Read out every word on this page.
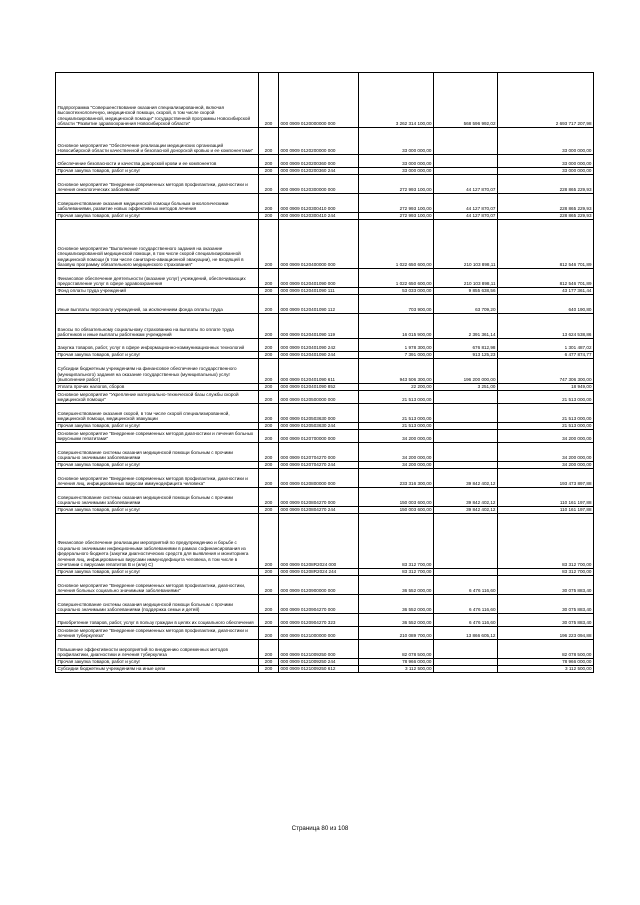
Подпрограмма "Совершенствование оказания специализированной, включая высокотехнологичную, медицинской помощи, скорой, в том числе скорой специализированной, медицинской помощи" государственной программы Новосибирской области "Развитие здравоохранения Новосибирской области"	200	000 0909 0120000000 000	3 262 314 100,00	568 596 992,02	2 693 717 207,98
Основное мероприятие "Обеспечение реализации медицинских организаций Новосибирской области качественной и безопасной донорской кровью и ее компонентами"	200	000 0909 0120200000 000	33 000 000,00		33 000 000,00
Обеспечение безопасности и качества донорской крови и ее компонентов	200	000 0909 0120200360 000	33 000 000,00		33 000 000,00
Прочая закупка товаров, работ и услуг	200	000 0909 0120200360 244	33 000 000,00		33 000 000,00
Основное мероприятие "Внедрение современных методов профилактики, диагностики и лечения онкологических заболеваний"	200	000 0909 0120300000 000	272 993 100,00	44 127 870,07	228 865 229,93
Совершенствование оказания медицинской помощи больным онкологическими заболеваниями, развитие новых эффективных методов лечения	200	000 0909 0120300410 000	272 993 100,00	44 127 870,07	228 865 229,93
Прочая закупка товаров, работ и услуг	200	000 0909 0120300410 244	272 993 100,00	44 127 870,07	228 865 229,93
Основное мероприятие "Выполнение государственного задания на оказание специализированной медицинской помощи, в том числе скорой специализированной медицинской помощи (в том числе санитарно-авиационной эвакуации), не входящей в базовую программу обязательного медицинского страхования"	200	000 0909 0120400000 000	1 022 650 600,00	210 103 898,11	812 546 701,89
Финансовое обеспечение деятельности (оказание услуг) учреждений, обеспечивающих предоставление услуг в сфере здравоохранения	200	000 0909 0120401090 000	1 022 650 600,00	210 103 898,11	812 546 701,89
Фонд оплаты труда учреждений	200	000 0909 0120401090 111	53 033 000,00	9 855 638,56	43 177 361,44
Иные выплаты персоналу учреждений, за исключением фонда оплаты труда	200	000 0909 0120401090 112	703 900,00	63 709,20	640 190,80
Взносы по обязательному социальному страхованию на выплаты по оплате труда работников и иные выплаты работникам учреждений	200	000 0909 0120401090 119	16 015 900,00	2 391 361,14	13 624 538,86
Закупка товаров, работ, услуг в сфере информационно-коммуникационных технологий	200	000 0909 0120401090 242	1 978 300,00	676 812,98	1 301 487,02
Прочая закупка товаров, работ и услуг	200	000 0909 0120401090 244	7 391 000,00	913 125,23	6 477 874,77
Субсидии бюджетным учреждениям на финансовое обеспечение государственного (муниципального) задания на оказание государственных (муниципальных) услуг (выполнение работ)	200	000 0909 0120401090 611	943 506 300,00	196 200 000,00	747 306 300,00
Уплата прочих налогов, сборов	200	000 0909 0120401090 852	22 200,00	3 251,00	18 949,00
Основное мероприятие "Укрепление материально-технической базы службы скорой медицинской помощи"	200	000 0909 0120500000 000	21 513 000,00		21 513 000,00
Совершенствование оказания скорой, в том числе скорой специализированной, медицинской помощи, медицинской эвакуации	200	000 0909 0120503630 000	21 513 000,00		21 513 000,00
Прочая закупка товаров, работ и услуг	200	000 0909 0120503630 244	21 513 000,00		21 513 000,00
Основное мероприятие "Внедрение современных методов диагностики и лечения больных вирусными гепатитами"	200	000 0909 0120700000 000	34 200 000,00		34 200 000,00
Совершенствование системы оказания медицинской помощи больным с прочими социально значимыми заболеваниями	200	000 0909 0120704270 000	34 200 000,00		34 200 000,00
Прочая закупка товаров, работ и услуг	200	000 0909 0120704270 244	34 200 000,00		34 200 000,00
Основное мероприятие "Внедрение современных методов профилактики, диагностики и лечения лиц, инфицированных вирусом иммунодефицита человека"	200	000 0909 0120800000 000	233 316 300,00	39 842 402,12	193 473 897,88
Совершенствование системы оказания медицинской помощи больным с прочими социально значимыми заболеваниями	200	000 0909 0120804270 000	150 003 600,00	39 842 402,12	110 161 197,88
Прочая закупка товаров, работ и услуг	200	000 0909 0120804270 244	150 003 600,00	39 842 402,12	110 161 197,88
Финансовое обеспечение реализации мероприятий по предупреждению и борьбе с социально значимыми инфекционными заболеваниями в рамках софинансирования из федерального бюджета (закупки диагностических средств для выявления и мониторинга лечения лиц, инфицированных вирусами иммунодефицита человека, в том числе в сочетании с вирусами гепатитов B и (или) C)	200	000 0909 01208R2024 000	83 312 700,00		83 312 700,00
Прочая закупка товаров, работ и услуг	200	000 0909 01208R2024 244	83 312 700,00		83 312 700,00
Основное мероприятие "Внедрение современных методов профилактики, диагностики, лечения больных социально значимыми заболеваниями"	200	000 0909 0120900000 000	36 552 000,00	6 476 116,60	30 075 883,40
Совершенствование системы оказания медицинской помощи больным с прочими социально значимыми заболеваниями (поддержка семьи и детей)	200	000 0909 0120904270 000	36 552 000,00	6 476 116,60	30 075 883,40
Приобретение товаров, работ, услуг в пользу граждан в целях их социального обеспечения	200	000 0909 0120904270 323	36 552 000,00	6 476 116,60	30 075 883,40
Основное мероприятие "Внедрение современных методов профилактики, диагностики и лечения туберкулеза"	200	000 0909 0121000000 000	210 089 700,00	13 866 605,12	196 223 094,88
Повышение эффективности мероприятий по внедрению современных методов профилактики, диагностики и лечения туберкулеза	200	000 0909 0121009250 000	82 078 500,00		82 078 500,00
Прочая закупка товаров, работ и услуг	200	000 0909 0121009250 244	78 966 000,00		78 966 000,00
Субсидии бюджетным учреждениям на иные цели	200	000 0909 0121009250 612	3 112 500,00		3 112 500,00
Страница 80 из 108
